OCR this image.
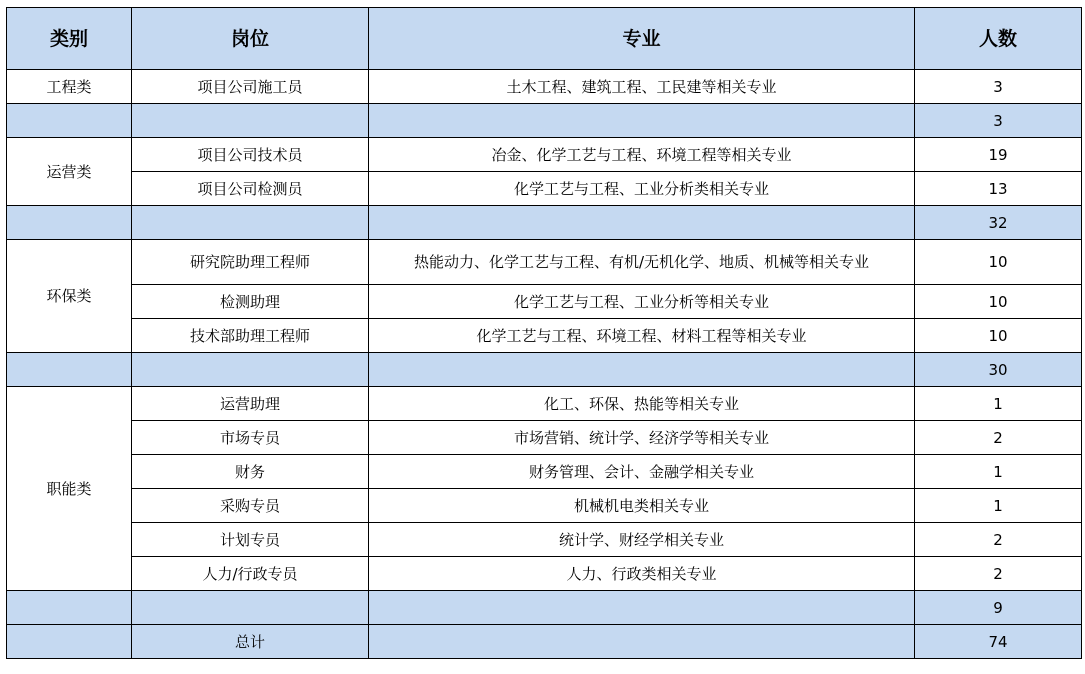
类别	岗位	专业	人数
工程类	项目公司施工员	土木工程、建筑工程、工民建等相关专业	3
			3
运营类	项目公司技术员	冶金、化学工艺与工程、环境工程等相关专业	19
	项目公司检测员	化学工艺与工程、工业分析类相关专业	13
			32
环保类	研究院助理工程师	热能动力、化学工艺与工程、有机/无机化学、地质、机械等相关专业	10
	检测助理	化学工艺与工程、工业分析等相关专业	10
	技术部助理工程师	化学工艺与工程、环境工程、材料工程等相关专业	10
			30
职能类	运营助理	化工、环保、热能等相关专业	1
	市场专员	市场营销、统计学、经济学等相关专业	2
	财务	财务管理、会计、金融学相关专业	1
	采购专员	机械机电类相关专业	1
	计划专员	统计学、财经学相关专业	2
	人力/行政专员	人力、行政类相关专业	2
			9
	总计		74
